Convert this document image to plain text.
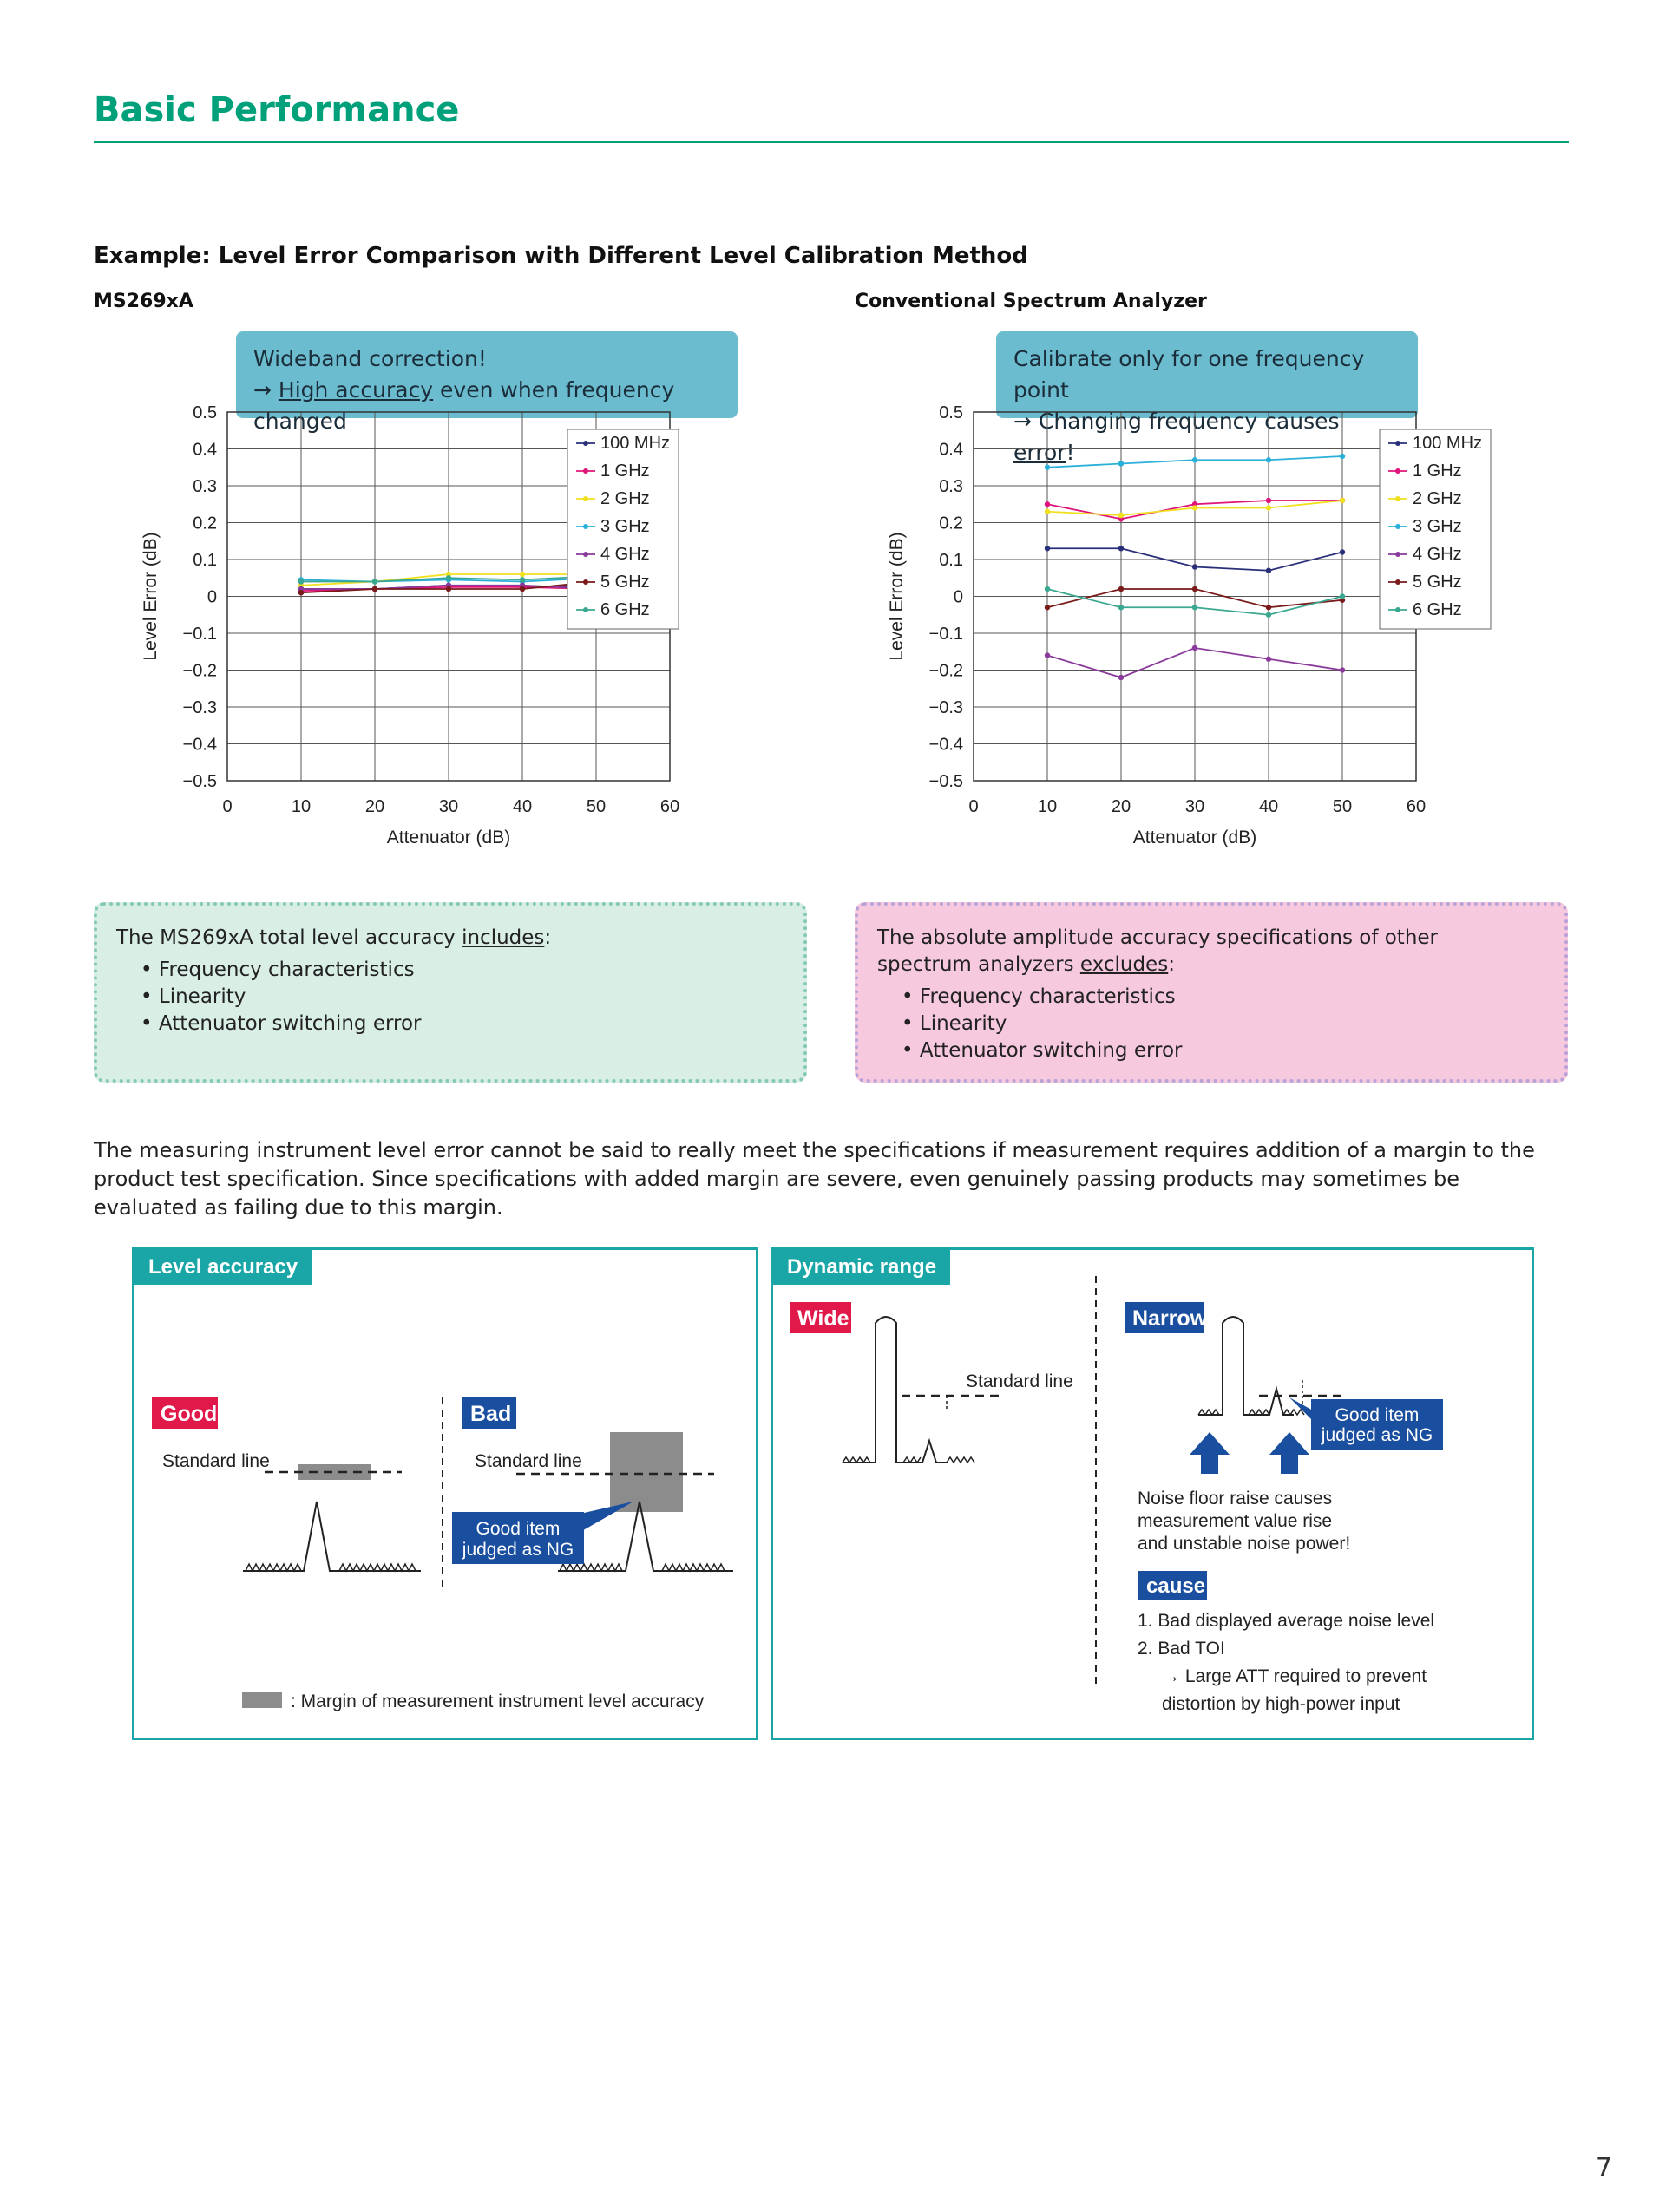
Basic Performance
Example: Level Error Comparison with Different Level Calibration Method
MS269xA	Conventional Spectrum Analyzer
Wideband correction!
→ High accuracy even when frequency changed
Calibrate only for one frequency point
→ Changing frequency causes error!
0.5
0.4
0.3
0.2
0.1
0
−0.1
−0.2
−0.3
−0.4
−0.5
0	10	20	30	40	50	60
Attenuator (dB)
Level Error (dB)
100 MHz
1 GHz
2 GHz
3 GHz
4 GHz
5 GHz
6 GHz
0.5
0.4
0.3
0.2
0.1
0
−0.1
−0.2
−0.3
−0.4
−0.5
0	10	20	30	40	50	60
Attenuator (dB)
Level Error (dB)
100 MHz
1 GHz
2 GHz
3 GHz
4 GHz
5 GHz
6 GHz
The MS269xA total level accuracy includes:
• Frequency characteristics
• Linearity
• Attenuator switching error
The absolute amplitude accuracy specifications of other
spectrum analyzers excludes:
• Frequency characteristics
• Linearity
• Attenuator switching error
The measuring instrument level error cannot be said to really meet the specifications if measurement requires addition of a margin to the product test specification. Since specifications with added margin are severe, even genuinely passing products may sometimes be evaluated as failing due to this margin.
Level accuracy
Good
Standard line
Bad
Standard line
Good item
judged as NG
: Margin of measurement instrument level accuracy
Dynamic range
Wide
Standard line
Narrow
Good item
judged as NG
Noise floor raise causes
measurement value rise
and unstable noise power!
cause
1. Bad displayed average noise level
2. Bad TOI
→ Large ATT required to prevent
distortion by high-power input
7
